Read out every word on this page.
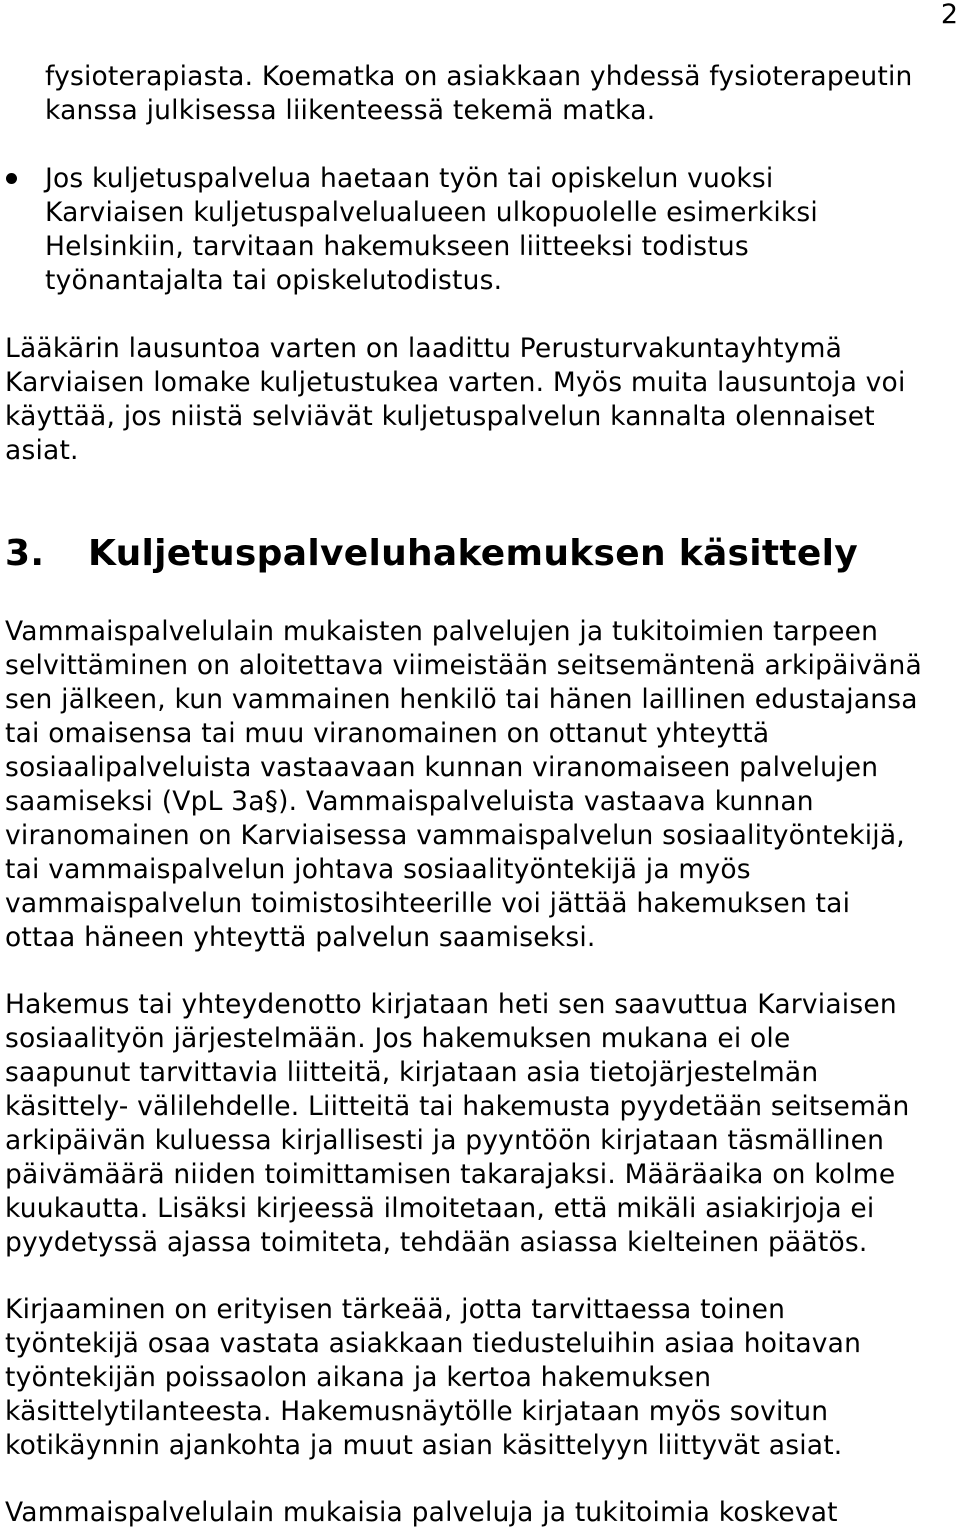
2
fysioterapiasta. Koematka on asiakkaan yhdessä fysioterapeutin
kanssa julkisessa liikenteessä tekemä matka.
Jos kuljetuspalvelua haetaan työn tai opiskelun vuoksi
Karviaisen kuljetuspalvelualueen ulkopuolelle esimerkiksi
Helsinkiin, tarvitaan hakemukseen liitteeksi todistus
työnantajalta tai opiskelutodistus.
Lääkärin lausuntoa varten on laadittu Perusturvakuntayhtymä
Karviaisen lomake kuljetustukea varten. Myös muita lausuntoja voi
käyttää, jos niistä selviävät kuljetuspalvelun kannalta olennaiset
asiat.
3. Kuljetuspalveluhakemuksen käsittely
Vammaispalvelulain mukaisten palvelujen ja tukitoimien tarpeen
selvittäminen on aloitettava viimeistään seitsemäntenä arkipäivänä
sen jälkeen, kun vammainen henkilö tai hänen laillinen edustajansa
tai omaisensa tai muu viranomainen on ottanut yhteyttä
sosiaalipalveluista vastaavaan kunnan viranomaiseen palvelujen
saamiseksi (VpL 3a§). Vammaispalveluista vastaava kunnan
viranomainen on Karviaisessa vammaispalvelun sosiaalityöntekijä,
tai vammaispalvelun johtava sosiaalityöntekijä ja myös
vammaispalvelun toimistosihteerille voi jättää hakemuksen tai
ottaa häneen yhteyttä palvelun saamiseksi.
Hakemus tai yhteydenotto kirjataan heti sen saavuttua Karviaisen
sosiaalityön järjestelmään. Jos hakemuksen mukana ei ole
saapunut tarvittavia liitteitä, kirjataan asia tietojärjestelmän
käsittely- välilehdelle. Liitteitä tai hakemusta pyydetään seitsemän
arkipäivän kuluessa kirjallisesti ja pyyntöön kirjataan täsmällinen
päivämäärä niiden toimittamisen takarajaksi. Määräaika on kolme
kuukautta. Lisäksi kirjeessä ilmoitetaan, että mikäli asiakirjoja ei
pyydetyssä ajassa toimiteta, tehdään asiassa kielteinen päätös.
Kirjaaminen on erityisen tärkeää, jotta tarvittaessa toinen
työntekijä osaa vastata asiakkaan tiedusteluihin asiaa hoitavan
työntekijän poissaolon aikana ja kertoa hakemuksen
käsittelytilanteesta. Hakemusnäytölle kirjataan myös sovitun
kotikäynnin ajankohta ja muut asian käsittelyyn liittyvät asiat.
Vammaispalvelulain mukaisia palveluja ja tukitoimia koskevat
